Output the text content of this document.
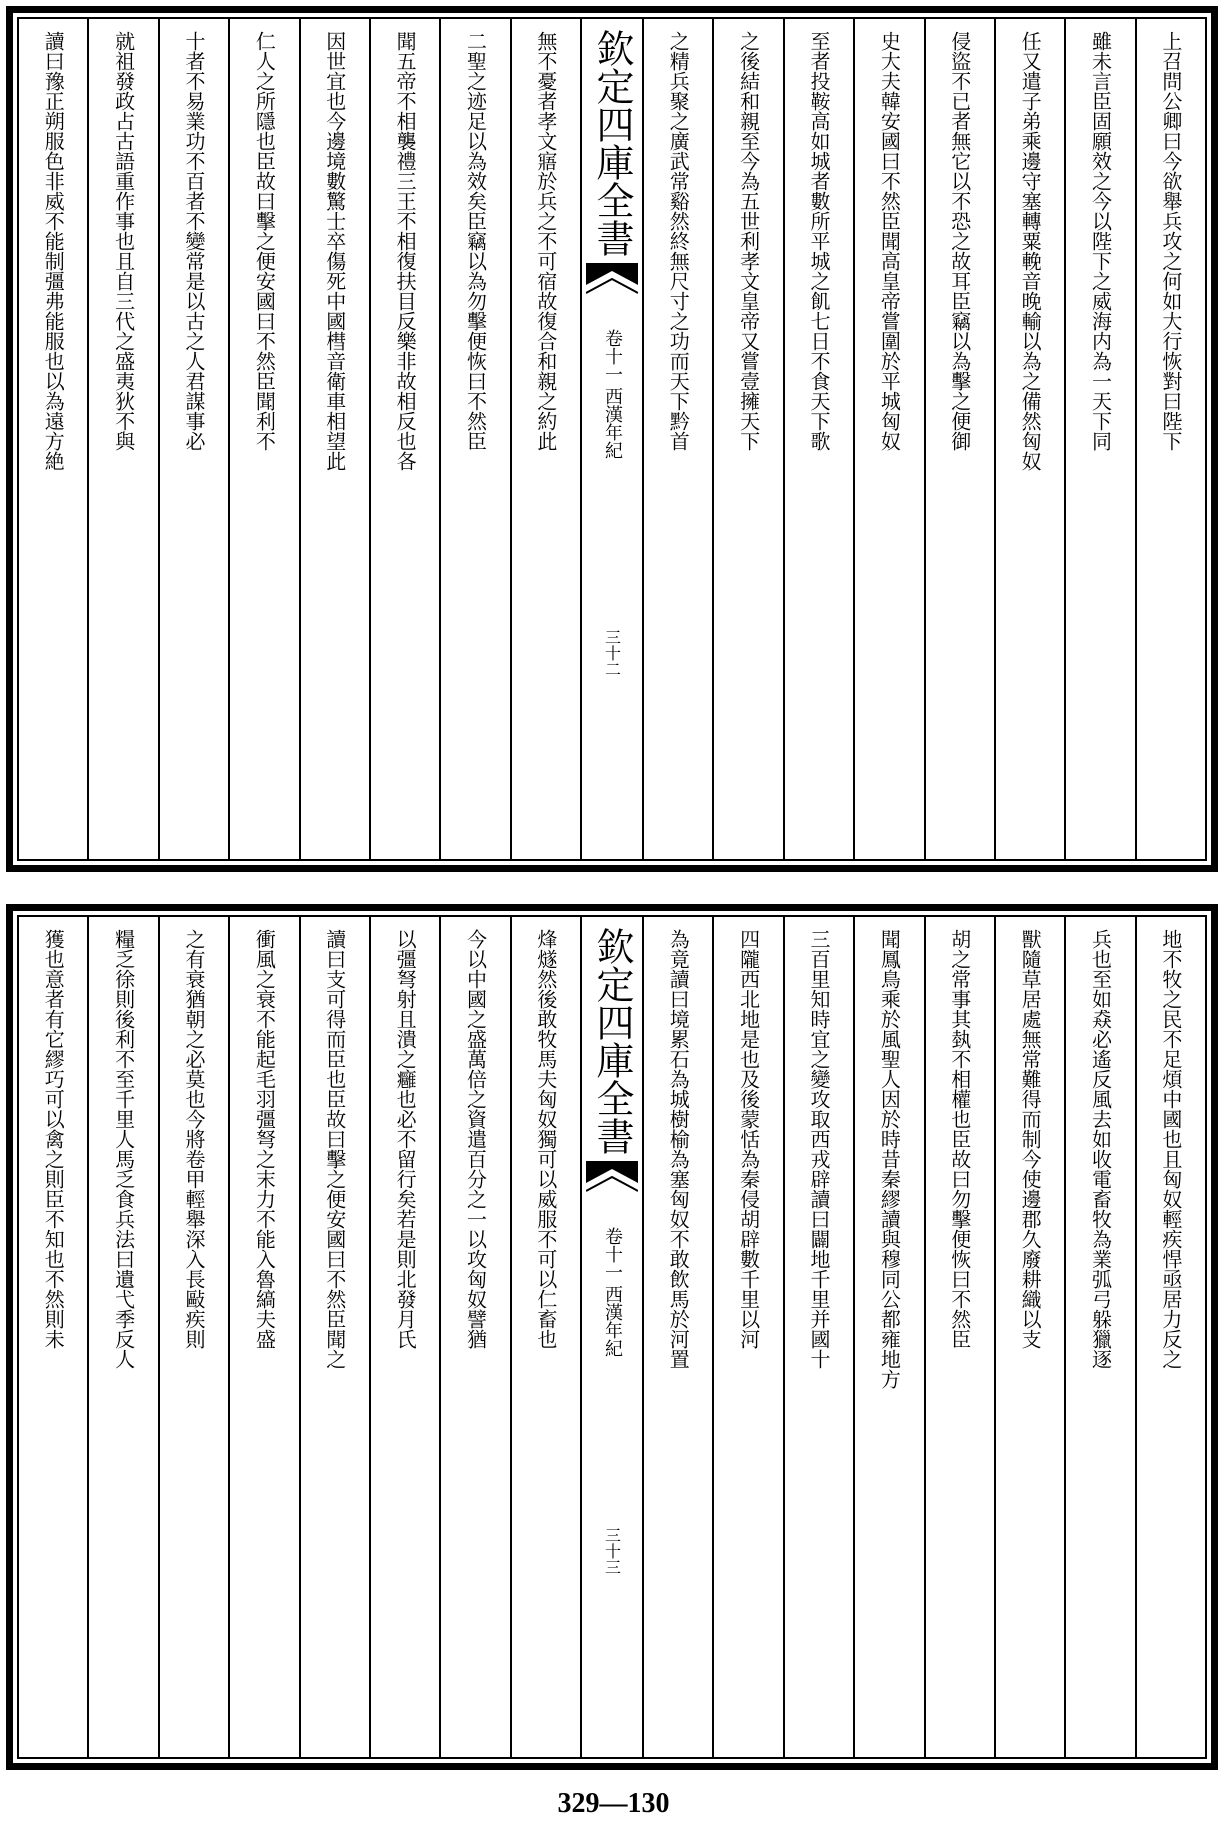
上召問公卿曰今欲舉兵攻之何如大行恢對曰陛下
雖未言臣固願效之今以陛下之威海内為一天下同
任又遣子弟乘邊守塞轉粟輓音晚輸以為之備然匈奴
侵盜不已者無它以不恐之故耳臣竊以為擊之便御
史大夫韓安國曰不然臣聞高皇帝嘗圍於平城匈奴
至者投鞍高如城者數所平城之飢七日不食天下歌
之後結和親至今為五世利孝文皇帝又嘗壹擁天下
之精兵聚之廣武常谿然終無尺寸之功而天下黔首
欽定四庫全書
西漢年紀
卷十一
三十二
無不憂者孝文寤於兵之不可宿故復合和親之約此
二聖之迹足以為效矣臣竊以為勿擊便恢曰不然臣
聞五帝不相襲禮三王不相復扶目反樂非故相反也各
因世宜也今邊境數驚士卒傷死中國槥音衛車相望此
仁人之所隱也臣故曰擊之便安國曰不然臣聞利不
十者不易業功不百者不變常是以古之人君謀事必
就祖發政占古語重作事也且自三代之盛夷狄不與
讀曰豫正朔服色非威不能制彊弗能服也以為遠方絶
地不牧之民不足煩中國也且匈奴輕疾悍亟居力反之
兵也至如猋必遙反風去如收電畜牧為業弧弓躲獵逐
獸隨草居處無常難得而制今使邊郡久廢耕織以支
胡之常事其埶不相權也臣故曰勿擊便恢曰不然臣
聞鳳鳥乘於風聖人因於時昔秦繆讀與穆同公都雍地方
三百里知時宜之變攻取西戎辟讀曰闢地千里并國十
四隴西北地是也及後蒙恬為秦侵胡辟數千里以河
為竟讀曰境累石為城樹榆為塞匈奴不敢飲馬於河置
欽定四庫全書
西漢年紀
卷十一
三十三
烽燧然後敢牧馬夫匈奴獨可以威服不可以仁畜也
今以中國之盛萬倍之資遣百分之一以攻匈奴譬猶
以彊弩射且潰之癰也必不留行矣若是則北發月氏
讀曰支可得而臣也臣故曰擊之便安國曰不然臣聞之
衝風之衰不能起毛羽彊弩之末力不能入魯縞夫盛
之有衰猶朝之必莫也今將卷甲輕舉深入長敺疾則
糧乏徐則後利不至千里人馬乏食兵法曰遺弋季反人
獲也意者有它繆巧可以禽之則臣不知也不然則未
329—130
